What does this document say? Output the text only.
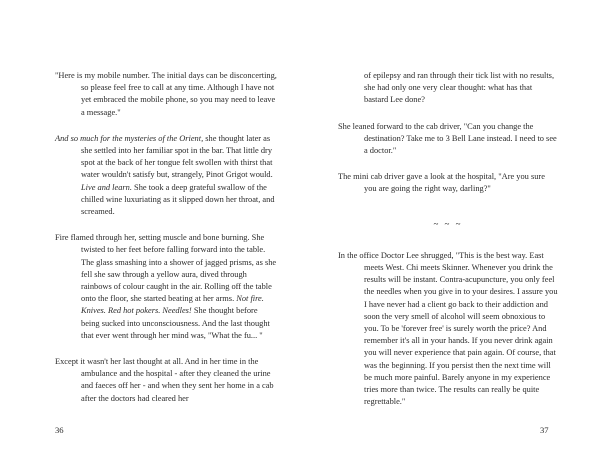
"Here is my mobile number. The initial days can be disconcerting, so please feel free to call at any time. Although I have not yet embraced the mobile phone, so you may need to leave a message."

And so much for the mysteries of the Orient, she thought later as she settled into her familiar spot in the bar. That little dry spot at the back of her tongue felt swollen with thirst that water wouldn't satisfy but, strangely, Pinot Grigot would. Live and learn. She took a deep grateful swallow of the chilled wine luxuriating as it slipped down her throat, and screamed.

Fire flamed through her, setting muscle and bone burning. She twisted to her feet before falling forward into the table. The glass smashing into a shower of jagged prisms, as she fell she saw through a yellow aura, dived through rainbows of colour caught in the air. Rolling off the table onto the floor, she started beating at her arms. Not fire. Knives. Red hot pokers. Needles! She thought before being sucked into unconsciousness. And the last thought that ever went through her mind was, "What the fu... "

Except it wasn't her last thought at all. And in her time in the ambulance and the hospital - after they cleaned the urine and faeces off her - and when they sent her home in a cab after the doctors had cleared her

36

of epilepsy and ran through their tick list with no results, she had only one very clear thought: what has that bastard Lee done?

She leaned forward to the cab driver, "Can you change the destination? Take me to 3 Bell Lane instead. I need to see a doctor."

The mini cab driver gave a look at the hospital, "Are you sure you are going the right way, darling?"

~ ~ ~

In the office Doctor Lee shrugged, "This is the best way. East meets West. Chi meets Skinner. Whenever you drink the results will be instant. Contra-acupuncture, you only feel the needles when you give in to your desires. I assure you I have never had a client go back to their addiction and soon the very smell of alcohol will seem obnoxious to you. To be 'forever free' is surely worth the price? And remember it's all in your hands. If you never drink again you will never experience that pain again. Of course, that was the beginning. If you persist then the next time will be much more painful. Barely anyone in my experience tries more than twice. The results can really be quite regrettable."

37
